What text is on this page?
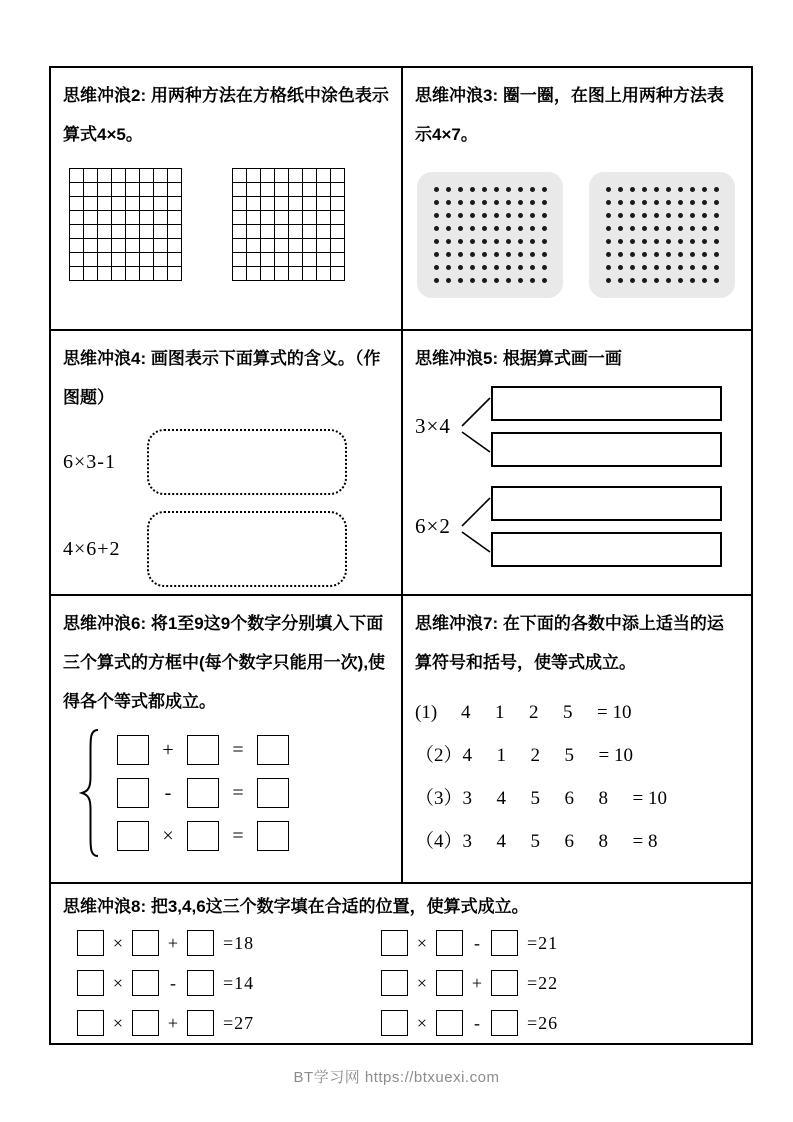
思维冲浪2: 用两种方法在方格纸中涂色表示算式4×5。
思维冲浪3: 圈一圈，在图上用两种方法表示4×7。
思维冲浪4: 画图表示下面算式的含义。（作图题）
6×3-1
4×6+2
思维冲浪5: 根据算式画一画
3×4
6×2
思维冲浪6: 将1至9这9个数字分别填入下面三个算式的方框中(每个数字只能用一次),使得各个等式都成立。
+	=
-	=
×	=
思维冲浪7: 在下面的各数中添上适当的运算符号和括号，使等式成立。
(1)	4	1	2	5	= 10
（2） 4	1	2	5	= 10
（3） 3	4	5	6	8	= 10
（4） 3	4	5	6	8	= 8
思维冲浪8: 把3,4,6这三个数字填在合适的位置，使算式成立。
× + =18
×	-	=14
× + =27
×	-	=21
× + =22
×	-	=26
BT学习网 https://btxuexi.com
